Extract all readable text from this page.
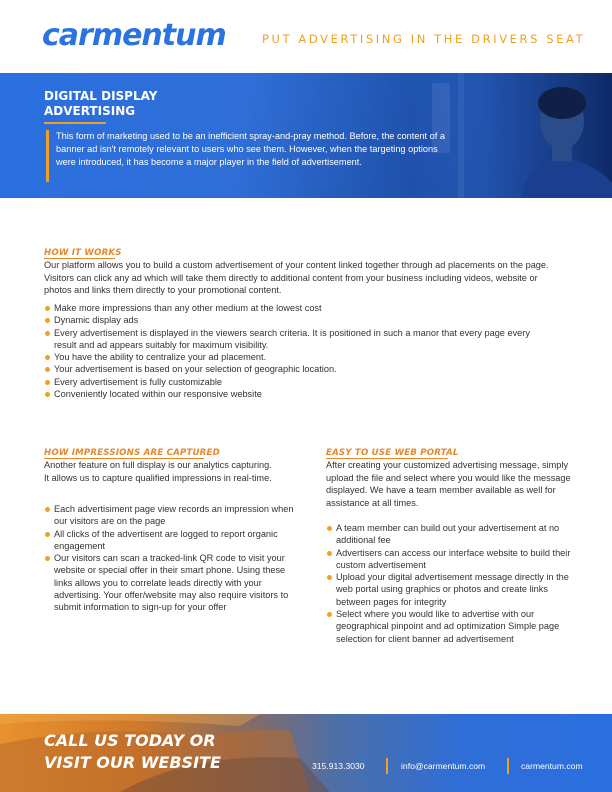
carmentum	PUT ADVERTISING IN THE DRIVERS SEAT
DIGITAL DISPLAY
ADVERTISING
This form of marketing used to be an inefficient spray-and-pray method. Before, the content of a banner ad isn't remotely relevant to users who see them. However, when the targeting options were introduced, it has become a major player in the field of advertisement.
HOW IT WORKS
Our platform allows you to build a custom advertisement of your content linked together through ad placements on the page. Visitors can click any ad which will take them directly to additional content from your business including videos, website or photos and links them directly to your promotional content.
Make more impressions than any other medium at the lowest cost
Dynamic display ads
Every advertisement is displayed in the viewers search criteria. It is positioned in such a manor that every page every result and ad appears suitably for maximum visibility.
You have the ability to centralize your ad placement.
Your advertisement is based on your selection of geographic location.
Every advertisement is fully customizable
Conveniently located within our responsive website
HOW IMPRESSIONS ARE CAPTURED
Another feature on full display is our analytics capturing. It allows us to capture qualified impressions in real-time.
Each advertisiment page view records an impression when our visitors are on the page
All clicks of the advertisent are logged to report organic engagement
Our visitors can scan a tracked-link QR code to visit your website or special offer in their smart phone. Using these links allows you to correlate leads directly with your advertising. Your offer/website may also require visitors to submit information to sign-up for your offer
EASY TO USE WEB PORTAL
After creating your customized advertising message, simply upload the file and select where you would like the message displayed. We have a team member available as well for assistance at all times.
A team member can build out your advertisement at no additional fee
Advertisers can access our interface website to build their custom advertisement
Upload your digital advertisement message directly in the web portal using graphics or photos and create links between pages for integrity
Select where you would like to advertise with our geographical pinpoint and ad optimization Simple page selection for client banner ad advertisement
CALL US TODAY OR
VISIT OUR WEBSITE	315.913.3030	info@carmentum.com	carmentum.com
